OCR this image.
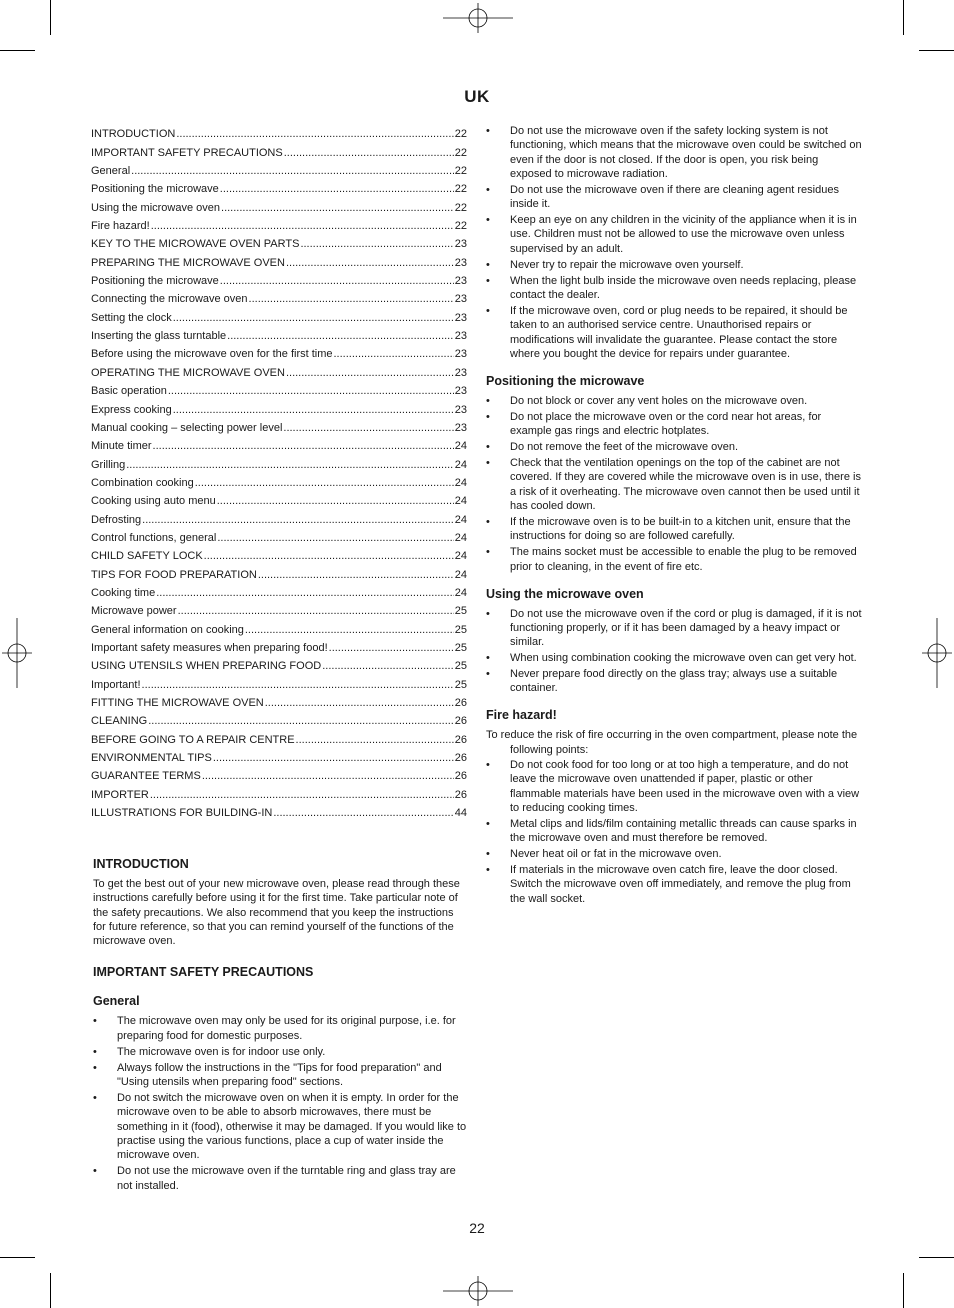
UK
INTRODUCTION .....	22
IMPORTANT SAFETY PRECAUTIONS .....	22
General .....	22
Positioning the microwave .....	22
Using the microwave oven .....	22
Fire hazard! .....	22
KEY TO THE MICROWAVE OVEN PARTS .....	23
PREPARING THE MICROWAVE OVEN .....	23
Positioning the microwave .....	23
Connecting the microwave oven .....	23
Setting the clock .....	23
Inserting the glass turntable .....	23
Before using the microwave oven for the first time .....	23
OPERATING THE MICROWAVE OVEN .....	23
Basic operation .....	23
Express cooking .....	23
Manual cooking – selecting power level .....	23
Minute timer .....	24
Grilling .....	24
Combination cooking .....	24
Cooking using auto menu .....	24
Defrosting .....	24
Control functions, general .....	24
CHILD SAFETY LOCK .....	24
TIPS FOR FOOD PREPARATION .....	24
Cooking time .....	24
Microwave power .....	25
General information on cooking .....	25
Important safety measures when preparing food! .....	25
USING UTENSILS WHEN PREPARING FOOD .....	25
Important! .....	25
FITTING THE MICROWAVE OVEN .....	26
CLEANING .....	26
BEFORE GOING TO A REPAIR CENTRE .....	26
ENVIRONMENTAL TIPS .....	26
GUARANTEE TERMS .....	26
IMPORTER .....	26
ILLUSTRATIONS FOR BUILDING-IN .....	44
INTRODUCTION

To get the best out of your new microwave oven, please read through these instructions carefully before using it for the first time. Take particular note of the safety precautions. We also recommend that you keep the instructions for future reference, so that you can remind yourself of the functions of the microwave oven.

IMPORTANT SAFETY PRECAUTIONS
General
• The microwave oven may only be used for its original purpose, i.e. for preparing food for domestic purposes.
• The microwave oven is for indoor use only.
• Always follow the instructions in the "Tips for food preparation" and "Using utensils when preparing food" sections.
• Do not switch the microwave oven on when it is empty. In order for the microwave oven to be able to absorb microwaves, there must be something in it (food), otherwise it may be damaged. If you would like to practise using the various functions, place a cup of water inside the microwave oven.
• Do not use the microwave oven if the turntable ring and glass tray are not installed.
• Do not use the microwave oven if the safety locking system is not functioning, which means that the microwave oven could be switched on even if the door is not closed. If the door is open, you risk being exposed to microwave radiation.
• Do not use the microwave oven if there are cleaning agent residues inside it.
• Keep an eye on any children in the vicinity of the appliance when it is in use. Children must not be allowed to use the microwave oven unless supervised by an adult.
• Never try to repair the microwave oven yourself.
• When the light bulb inside the microwave oven needs replacing, please contact the dealer.
• If the microwave oven, cord or plug needs to be repaired, it should be taken to an authorised service centre. Unauthorised repairs or modifications will invalidate the guarantee. Please contact the store where you bought the device for repairs under guarantee.
Positioning the microwave
• Do not block or cover any vent holes on the microwave oven.
• Do not place the microwave oven or the cord near hot areas, for example gas rings and electric hotplates.
• Do not remove the feet of the microwave oven.
• Check that the ventilation openings on the top of the cabinet are not covered. If they are covered while the microwave oven is in use, there is a risk of it overheating. The microwave oven cannot then be used until it has cooled down.
• If the microwave oven is to be built-in to a kitchen unit, ensure that the instructions for doing so are followed carefully.
• The mains socket must be accessible to enable the plug to be removed prior to cleaning, in the event of fire etc.
Using the microwave oven
• Do not use the microwave oven if the cord or plug is damaged, if it is not functioning properly, or if it has been damaged by a heavy impact or similar.
• When using combination cooking the microwave oven can get very hot.
• Never prepare food directly on the glass tray; always use a suitable container.
Fire hazard!

To reduce the risk of fire occurring in the oven compartment, please note the following points:

• Do not cook food for too long or at too high a temperature, and do not leave the microwave oven unattended if paper, plastic or other flammable materials have been used in the microwave oven with a view to reducing cooking times.
• Metal clips and lids/film containing metallic threads can cause sparks in the microwave oven and must therefore be removed.
• Never heat oil or fat in the microwave oven.
• If materials in the microwave oven catch fire, leave the door closed. Switch the microwave oven off immediately, and remove the plug from the wall socket.
22
